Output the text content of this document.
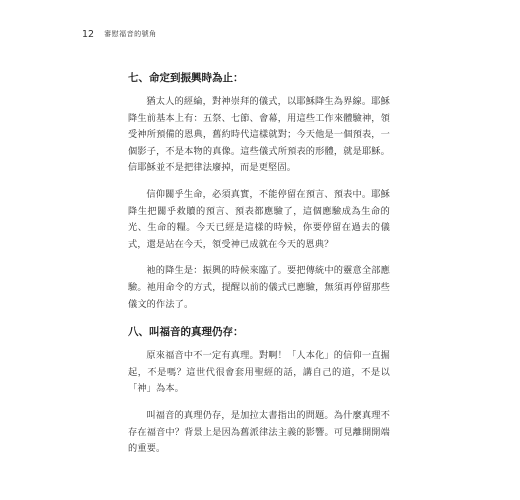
12 審慰福音的號角
七、命定到振興時為止：

猶太人的經綸，對神崇拜的儀式，以耶穌降生為界線。耶穌降生前基本上有：五祭、七節、會幕，用這些工作來體驗神，領受神所預備的恩典，舊約時代這樣就對；今天他是一個預表，一個影子，不是本物的真像。這些儀式所預表的形體，就是耶穌。信耶穌並不是把律法廢掉，而是更堅固。

信仰關乎生命，必須真實，不能停留在預言、預表中。耶穌降生把關乎救贖的預言、預表都應驗了，這個應驗成為生命的光、生命的糧。今天已經是這樣的時候，你要停留在過去的儀式，還是站在今天，領受神已成就在今天的恩典？

祂的降生是：振興的時候來臨了。要把傳統中的靈意全部應驗。祂用命令的方式，提醒以前的儀式已應驗，無須再停留那些儀文的作法了。

八、叫福音的真理仍存：

原來福音中不一定有真理。對啊！「人本化」的信仰一直掘起，不是嗎？這世代很會套用聖經的話，講自己的道，不是以「神」為本。

叫福音的真理仍存，是加拉太書指出的問題。為什麼真理不存在福音中？背景上是因為舊派律法主義的影響。可見離開開端的重要。
